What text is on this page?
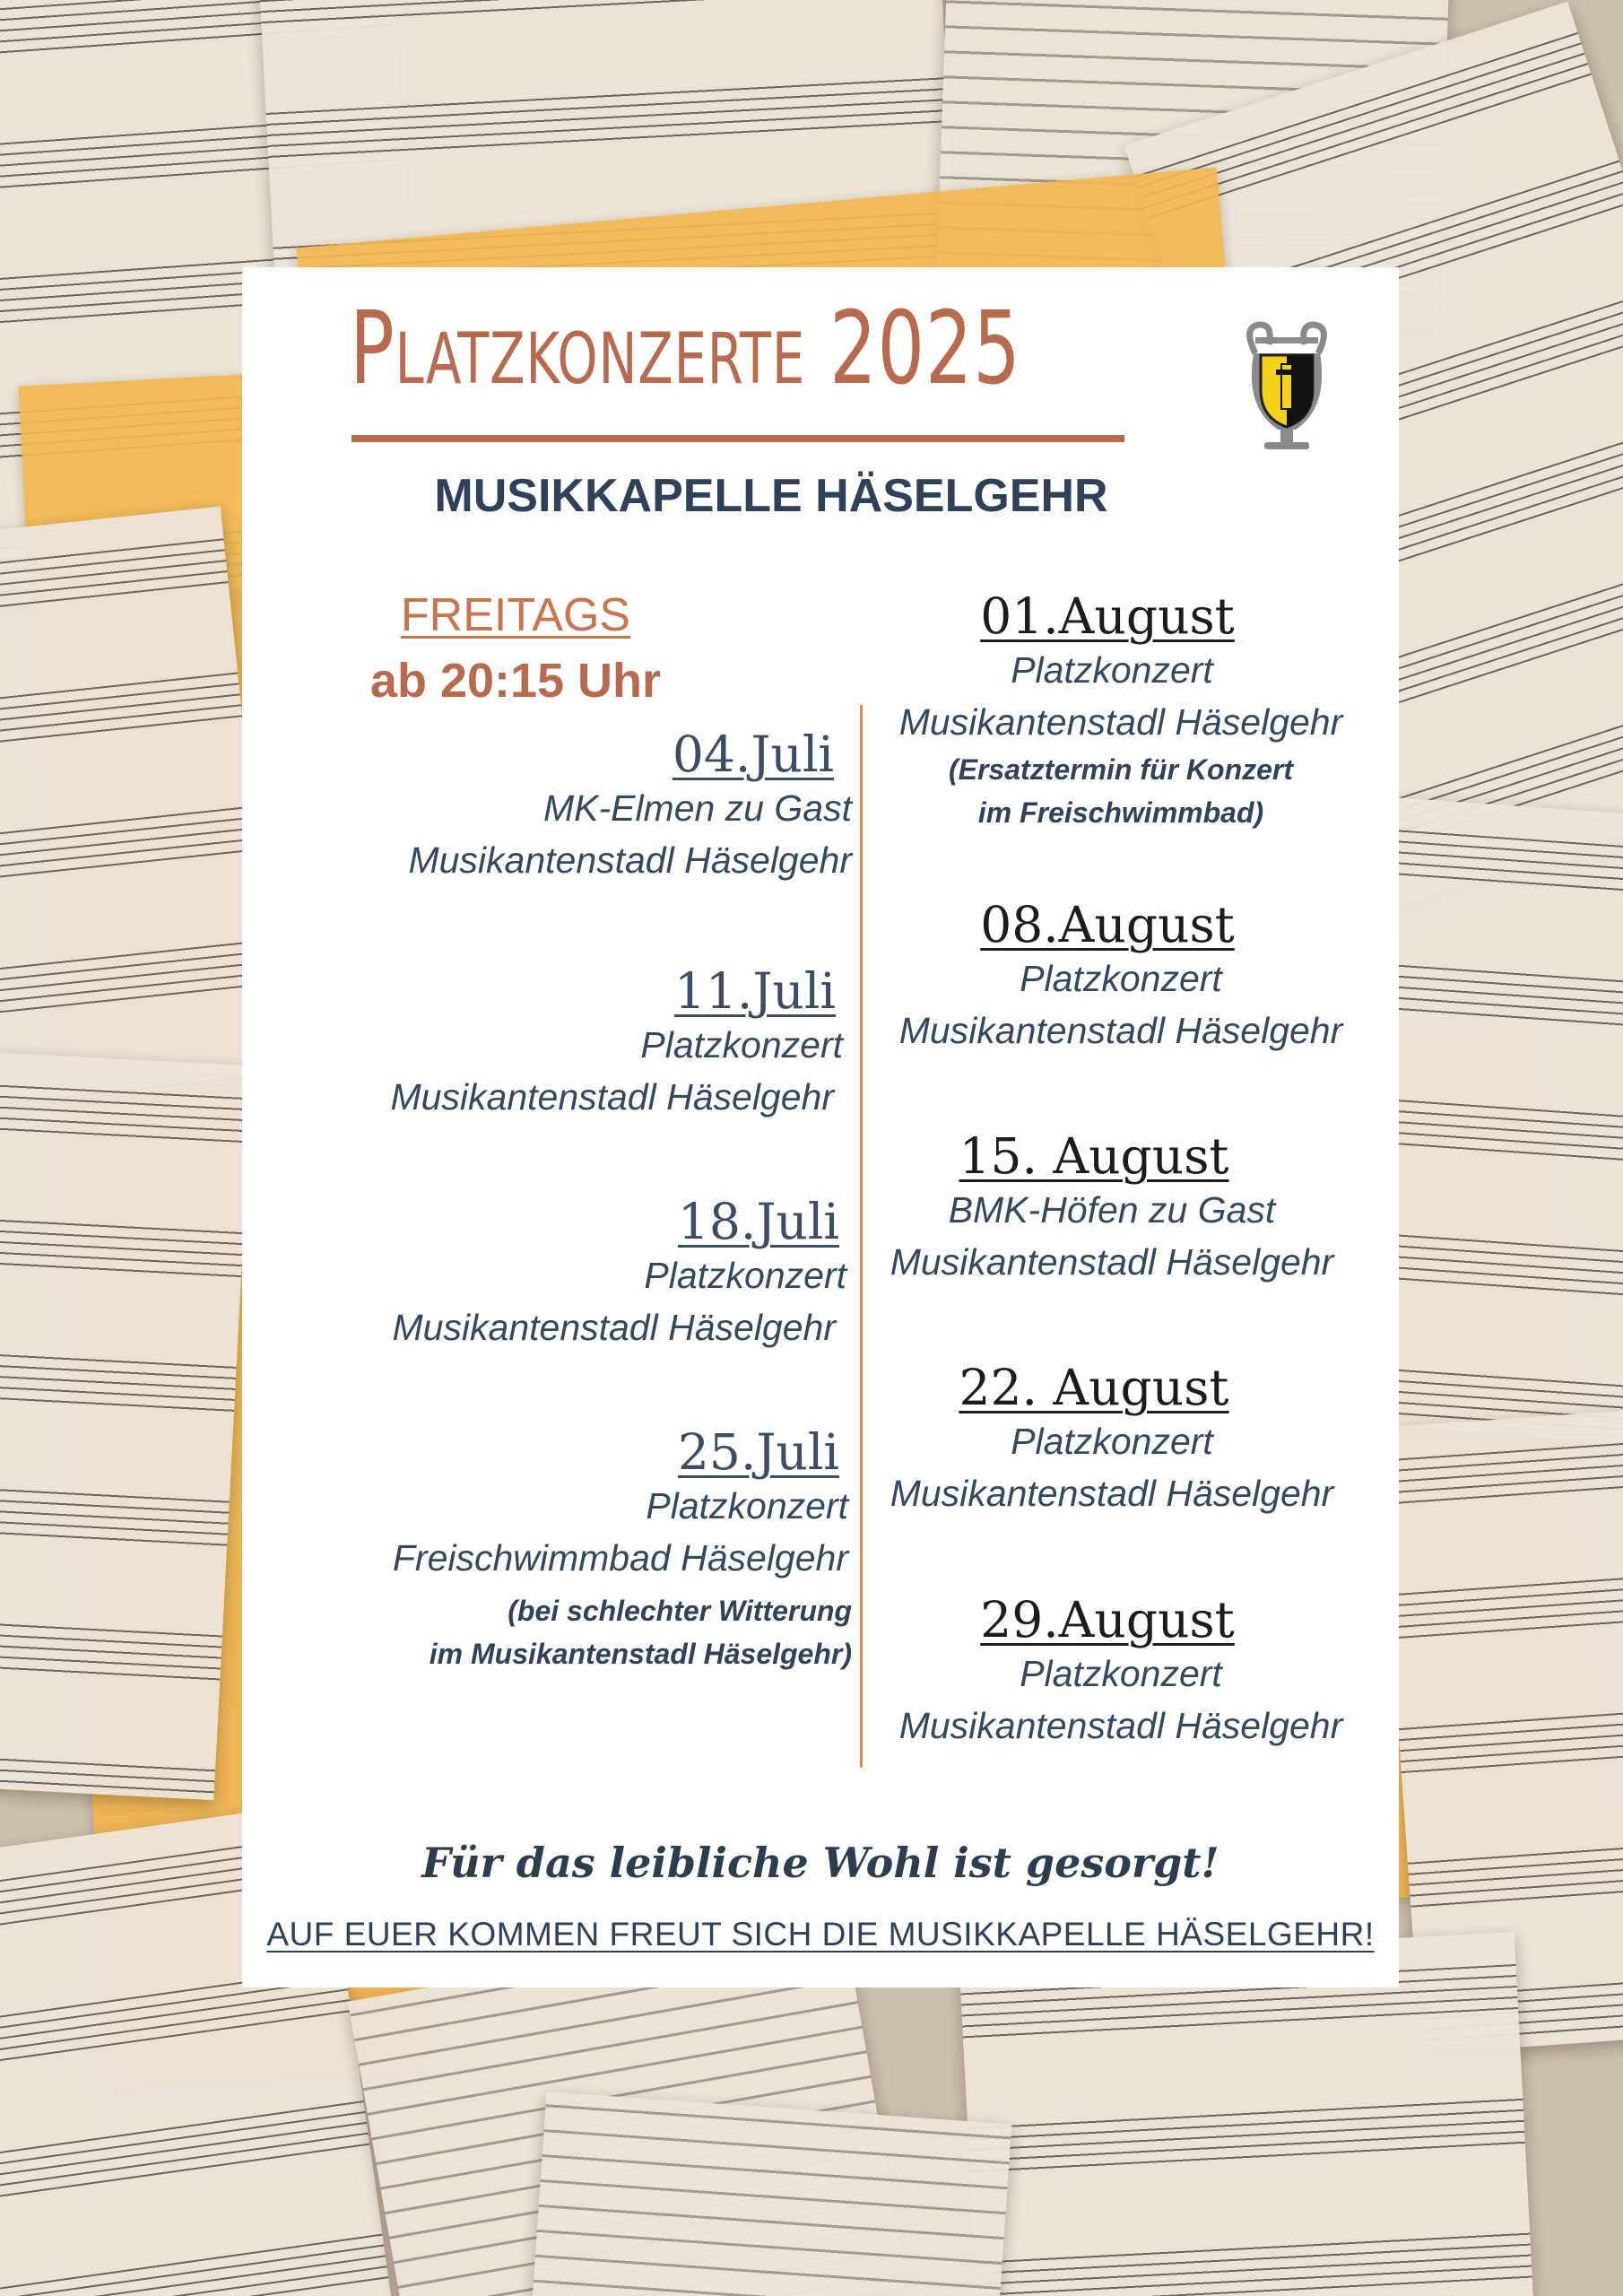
Platzkonzerte 2025
MUSIKKAPELLE HÄSELGEHR
FREITAGS
ab 20:15 Uhr
04.Juli
MK-Elmen zu Gast
Musikantenstadl Häselgehr
11.Juli
Platzkonzert
Musikantenstadl Häselgehr
18.Juli
Platzkonzert
Musikantenstadl Häselgehr
25.Juli
Platzkonzert
Freischwimmbad Häselgehr
(bei schlechter Witterung
im Musikantenstadl Häselgehr)
01.August
Platzkonzert
Musikantenstadl Häselgehr
(Ersatztermin für Konzert
im Freischwimmbad)
08.August
Platzkonzert
Musikantenstadl Häselgehr
15. August
BMK-Höfen zu Gast
Musikantenstadl Häselgehr
22. August
Platzkonzert
Musikantenstadl Häselgehr
29.August
Platzkonzert
Musikantenstadl Häselgehr
Für das leibliche Wohl ist gesorgt!
AUF EUER KOMMEN FREUT SICH DIE MUSIKKAPELLE HÄSELGEHR!
